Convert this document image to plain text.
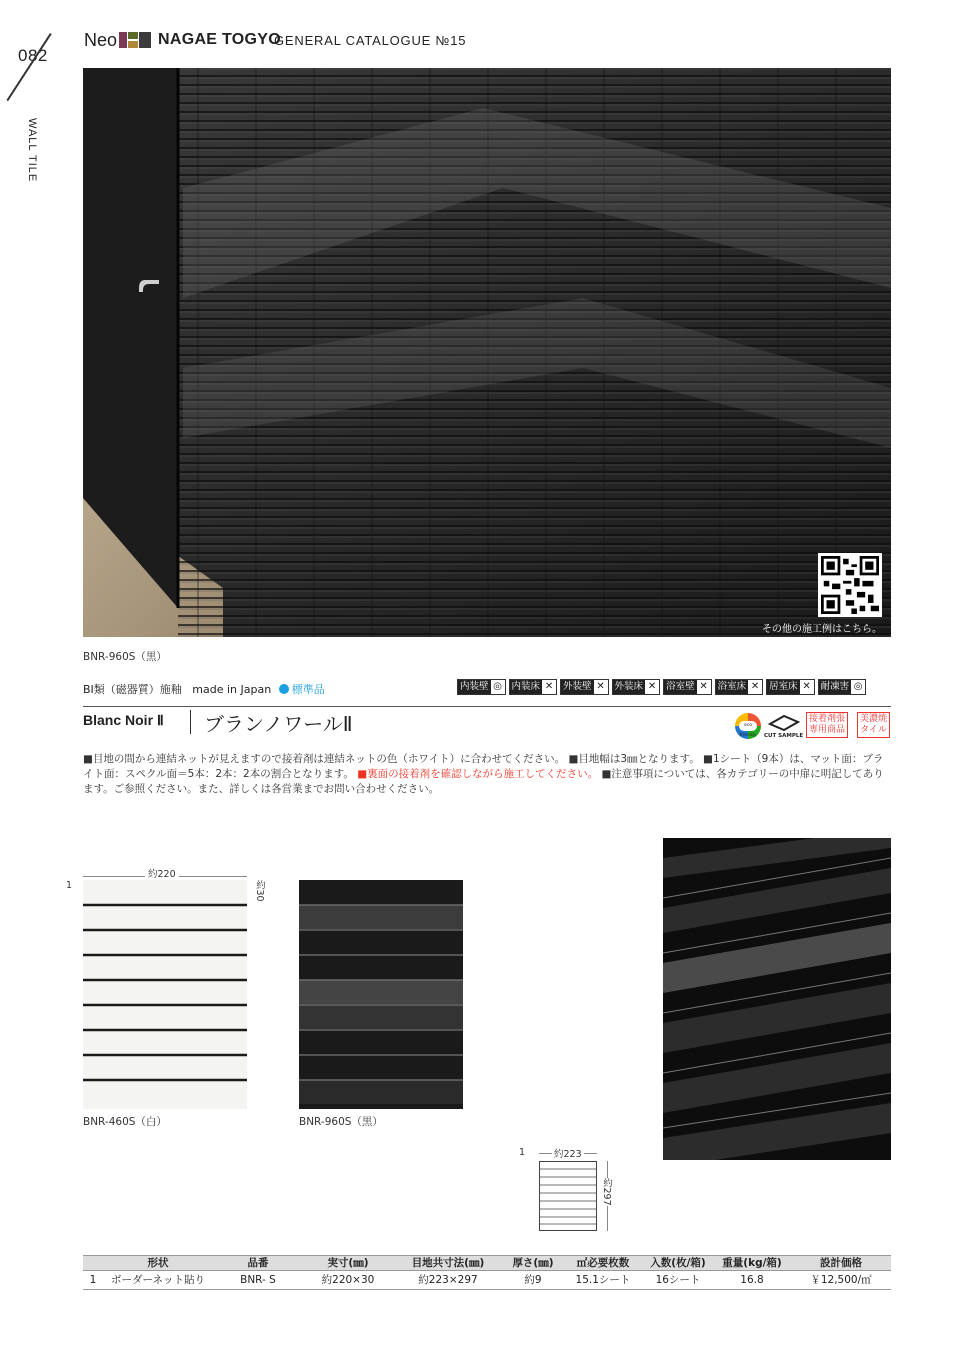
082
Neo	NAGAE TOGYO
GENERAL CATALOGUE №15
WALL TILE
その他の施工例はこちら。
BNR-960S（黒）
BⅠ類（磁器質）施釉 made in Japan 標準品	内装壁 ◎ 内装床 ✕ 外装壁 ✕ 外装床 ✕ 浴室壁 ✕ 浴室床 ✕ 居室床 ✕ 耐凍害 ◎
Blanc Noir Ⅱ ブランノワールⅡ	eco friendly CUT SAMPLE
接着剤張
専用商品
美濃焼
タイル
■目地の間から連結ネットが見えますので接着剤は連結ネットの色（ホワイト）に合わせてください。 ■目地幅は3㎜となります。 ■1シート（9本）は、マット面：ブライト面：スペクル面＝5本：2本：2本の割合となります。 ■裏面の接着剤を確認しながら施工してください。 ■注意事項については、各カテゴリーの中扉に明記してあります。ご参照ください。また、詳しくは各営業までお問い合わせください。
1
約220
約30
BNR-460S（白）	BNR-960S（黒）
1	約223
約297
形状	品番	実寸(㎜)	目地共寸法(㎜)	厚さ(㎜)	㎡必要枚数	入数(枚/箱)	重量(kg/箱)	設計価格
1	ボーダーネット貼り	BNR- S	約220×30	約223×297	約9	15.1シート	16シート	16.8	￥12,500/㎡
